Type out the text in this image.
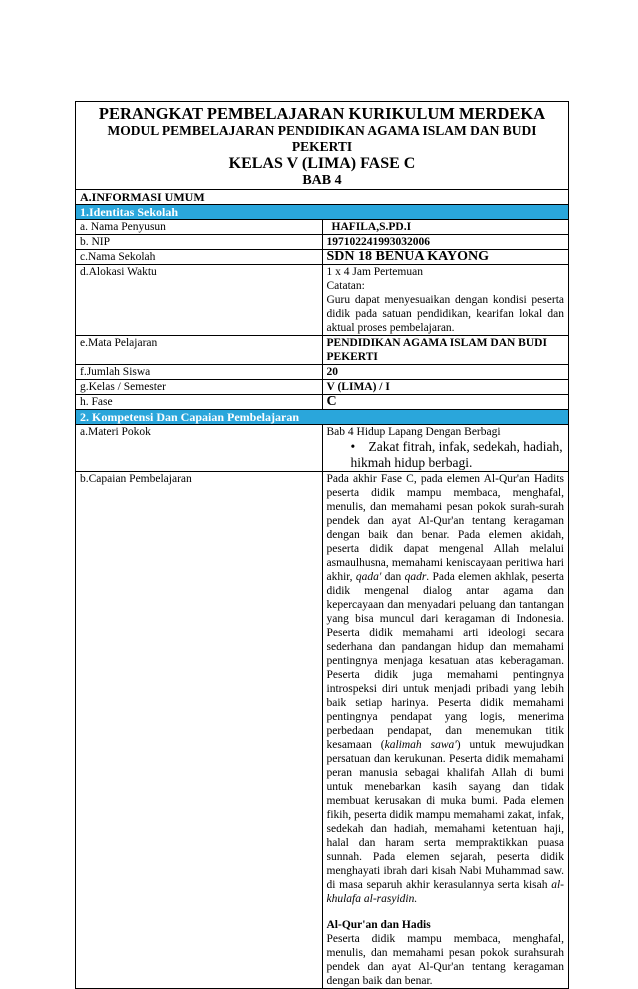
PERANGKAT PEMBELAJARAN KURIKULUM MERDEKA
MODUL PEMBELAJARAN PENDIDIKAN AGAMA ISLAM DAN BUDI PEKERTI
KELAS V (LIMA) FASE C
BAB 4	

A.INFORMASI UMUM	
1.Identitas Sekolah	
a. Nama Penyusun	HAFILA,S.PD.I
b. NIP	197102241993032006
c.Nama Sekolah	SDN 18 BENUA KAYONG
d.Alokasi Waktu	1 x 4 Jam Pertemuan
Catatan:
Guru dapat menyesuaikan dengan kondisi peserta didik pada satuan pendidikan, kearifan lokal dan aktual proses pembelajaran.

e.Mata Pelajaran	PENDIDIKAN AGAMA ISLAM DAN BUDI PEKERTI
f.Jumlah Siswa	20
g.Kelas / Semester	V (LIMA) / I
h. Fase	C
2. Kompetensi Dan Capaian Pembelajaran	
a.Materi Pokok	Bab 4 Hidup Lapang Dengan Berbagi
• Zakat fitrah, infak, sedekah, hadiah, hikmah hidup berbagi.

b.Capaian Pembelajaran	Pada akhir Fase C, pada elemen Al-Qur'an Hadits peserta didik mampu membaca, menghafal, menulis, dan memahami pesan pokok surah-surah pendek dan ayat Al-Qur'an tentang keragaman dengan baik dan benar. Pada elemen akidah, peserta didik dapat mengenal Allah melalui asmaulhusna, memahami keniscayaan peritiwa hari akhir, qada' dan qadr. Pada elemen akhlak, peserta didik mengenal dialog antar agama dan kepercayaan dan menyadari peluang dan tantangan yang bisa muncul dari keragaman di Indonesia. Peserta didik memahami arti ideologi secara sederhana dan pandangan hidup dan memahami pentingnya menjaga kesatuan atas keberagaman. Peserta didik juga memahami pentingnya introspeksi diri untuk menjadi pribadi yang lebih baik setiap harinya. Peserta didik memahami pentingnya pendapat yang logis, menerima perbedaan pendapat, dan menemukan titik kesamaan (kalimah sawa') untuk mewujudkan persatuan dan kerukunan. Peserta didik memahami peran manusia sebagai khalifah Allah di bumi untuk menebarkan kasih sayang dan tidak membuat kerusakan di muka bumi. Pada elemen fikih, peserta didik mampu memahami zakat, infak, sedekah dan hadiah, memahami ketentuan haji, halal dan haram serta mempraktikkan puasa sunnah. Pada elemen sejarah, peserta didik menghayati ibrah dari kisah Nabi Muhammad saw. di masa separuh akhir kerasulannya serta kisah al-khulafa al-rasyidin.
Al-Qur'an dan Hadis
Peserta didik mampu membaca, menghafal, menulis, dan memahami pesan pokok surahsurah pendek dan ayat Al-Qur'an tentang keragaman dengan baik dan benar.
